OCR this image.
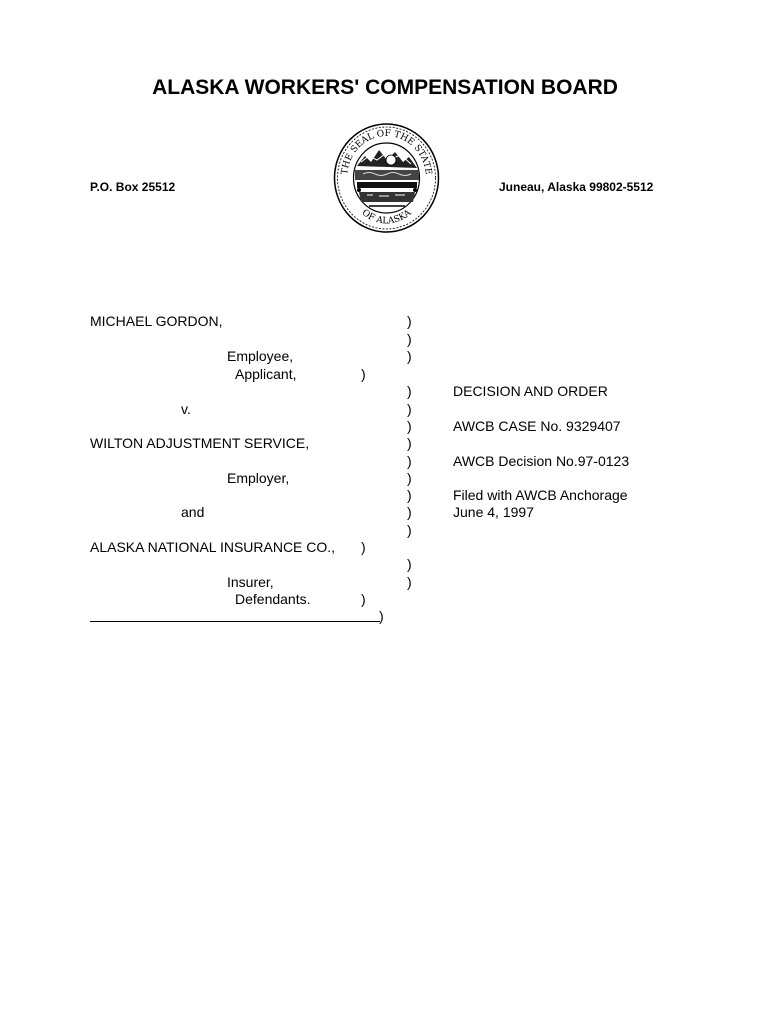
ALASKA WORKERS' COMPENSATION BOARD
P.O. Box 25512	Juneau, Alaska 99802-5512
THE SEAL OF THE STATE
OF ALASKA
MICHAEL GORDON,
Employee,
Applicant,	)
v.
WILTON ADJUSTMENT SERVICE,
Employer,
and
ALASKA NATIONAL INSURANCE CO., )
Insurer,
Defendants.	)
)
)
)
)
)
)
)
)
)
)
)
)
)
)
)
DECISION AND ORDER
AWCB CASE No. 9329407
AWCB Decision No.97-0123
Filed with AWCB Anchorage
June 4, 1997
